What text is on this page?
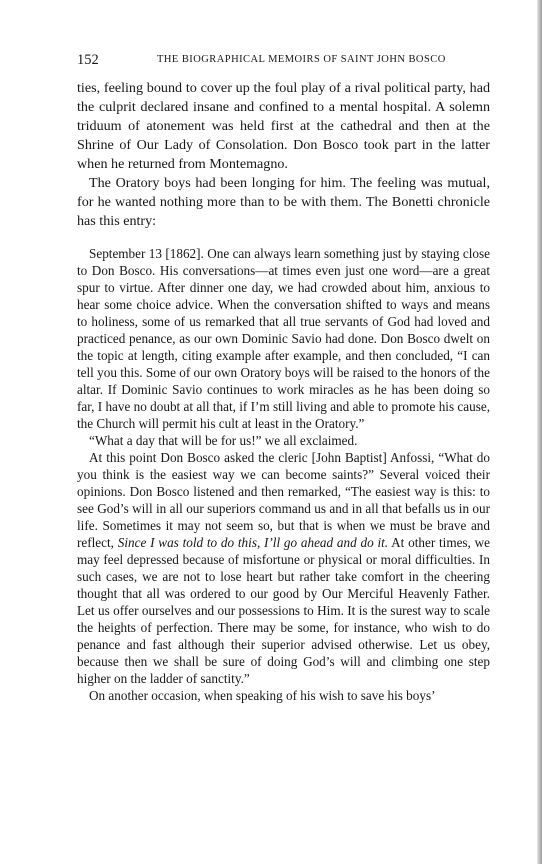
152	THE BIOGRAPHICAL MEMOIRS OF SAINT JOHN BOSCO

ties, feeling bound to cover up the foul play of a rival political party, had the culprit declared insane and confined to a mental hospital. A solemn triduum of atonement was held first at the cathedral and then at the Shrine of Our Lady of Consolation. Don Bosco took part in the latter when he returned from Montemagno.

The Oratory boys had been longing for him. The feeling was mutual, for he wanted nothing more than to be with them. The Bonetti chronicle has this entry:

September 13 [1862]. One can always learn something just by staying close to Don Bosco. His conversations—at times even just one word—are a great spur to virtue. After dinner one day, we had crowded about him, anxious to hear some choice advice. When the conversation shifted to ways and means to holiness, some of us remarked that all true servants of God had loved and practiced penance, as our own Dominic Savio had done. Don Bosco dwelt on the topic at length, citing example after example, and then concluded, “I can tell you this. Some of our own Oratory boys will be raised to the honors of the altar. If Dominic Savio continues to work miracles as he has been doing so far, I have no doubt at all that, if I’m still living and able to promote his cause, the Church will permit his cult at least in the Oratory.”

“What a day that will be for us!” we all exclaimed.

At this point Don Bosco asked the cleric [John Baptist] Anfossi, “What do you think is the easiest way we can become saints?” Several voiced their opinions. Don Bosco listened and then remarked, “The easiest way is this: to see God’s will in all our superiors command us and in all that befalls us in our life. Sometimes it may not seem so, but that is when we must be brave and reflect, Since I was told to do this, I’ll go ahead and do it. At other times, we may feel depressed because of misfortune or physical or moral difficulties. In such cases, we are not to lose heart but rather take comfort in the cheering thought that all was ordered to our good by Our Merciful Heavenly Father. Let us offer ourselves and our possessions to Him. It is the surest way to scale the heights of perfection. There may be some, for instance, who wish to do penance and fast although their superior advised otherwise. Let us obey, because then we shall be sure of doing God’s will and climbing one step higher on the ladder of sanctity.”

On another occasion, when speaking of his wish to save his boys’
